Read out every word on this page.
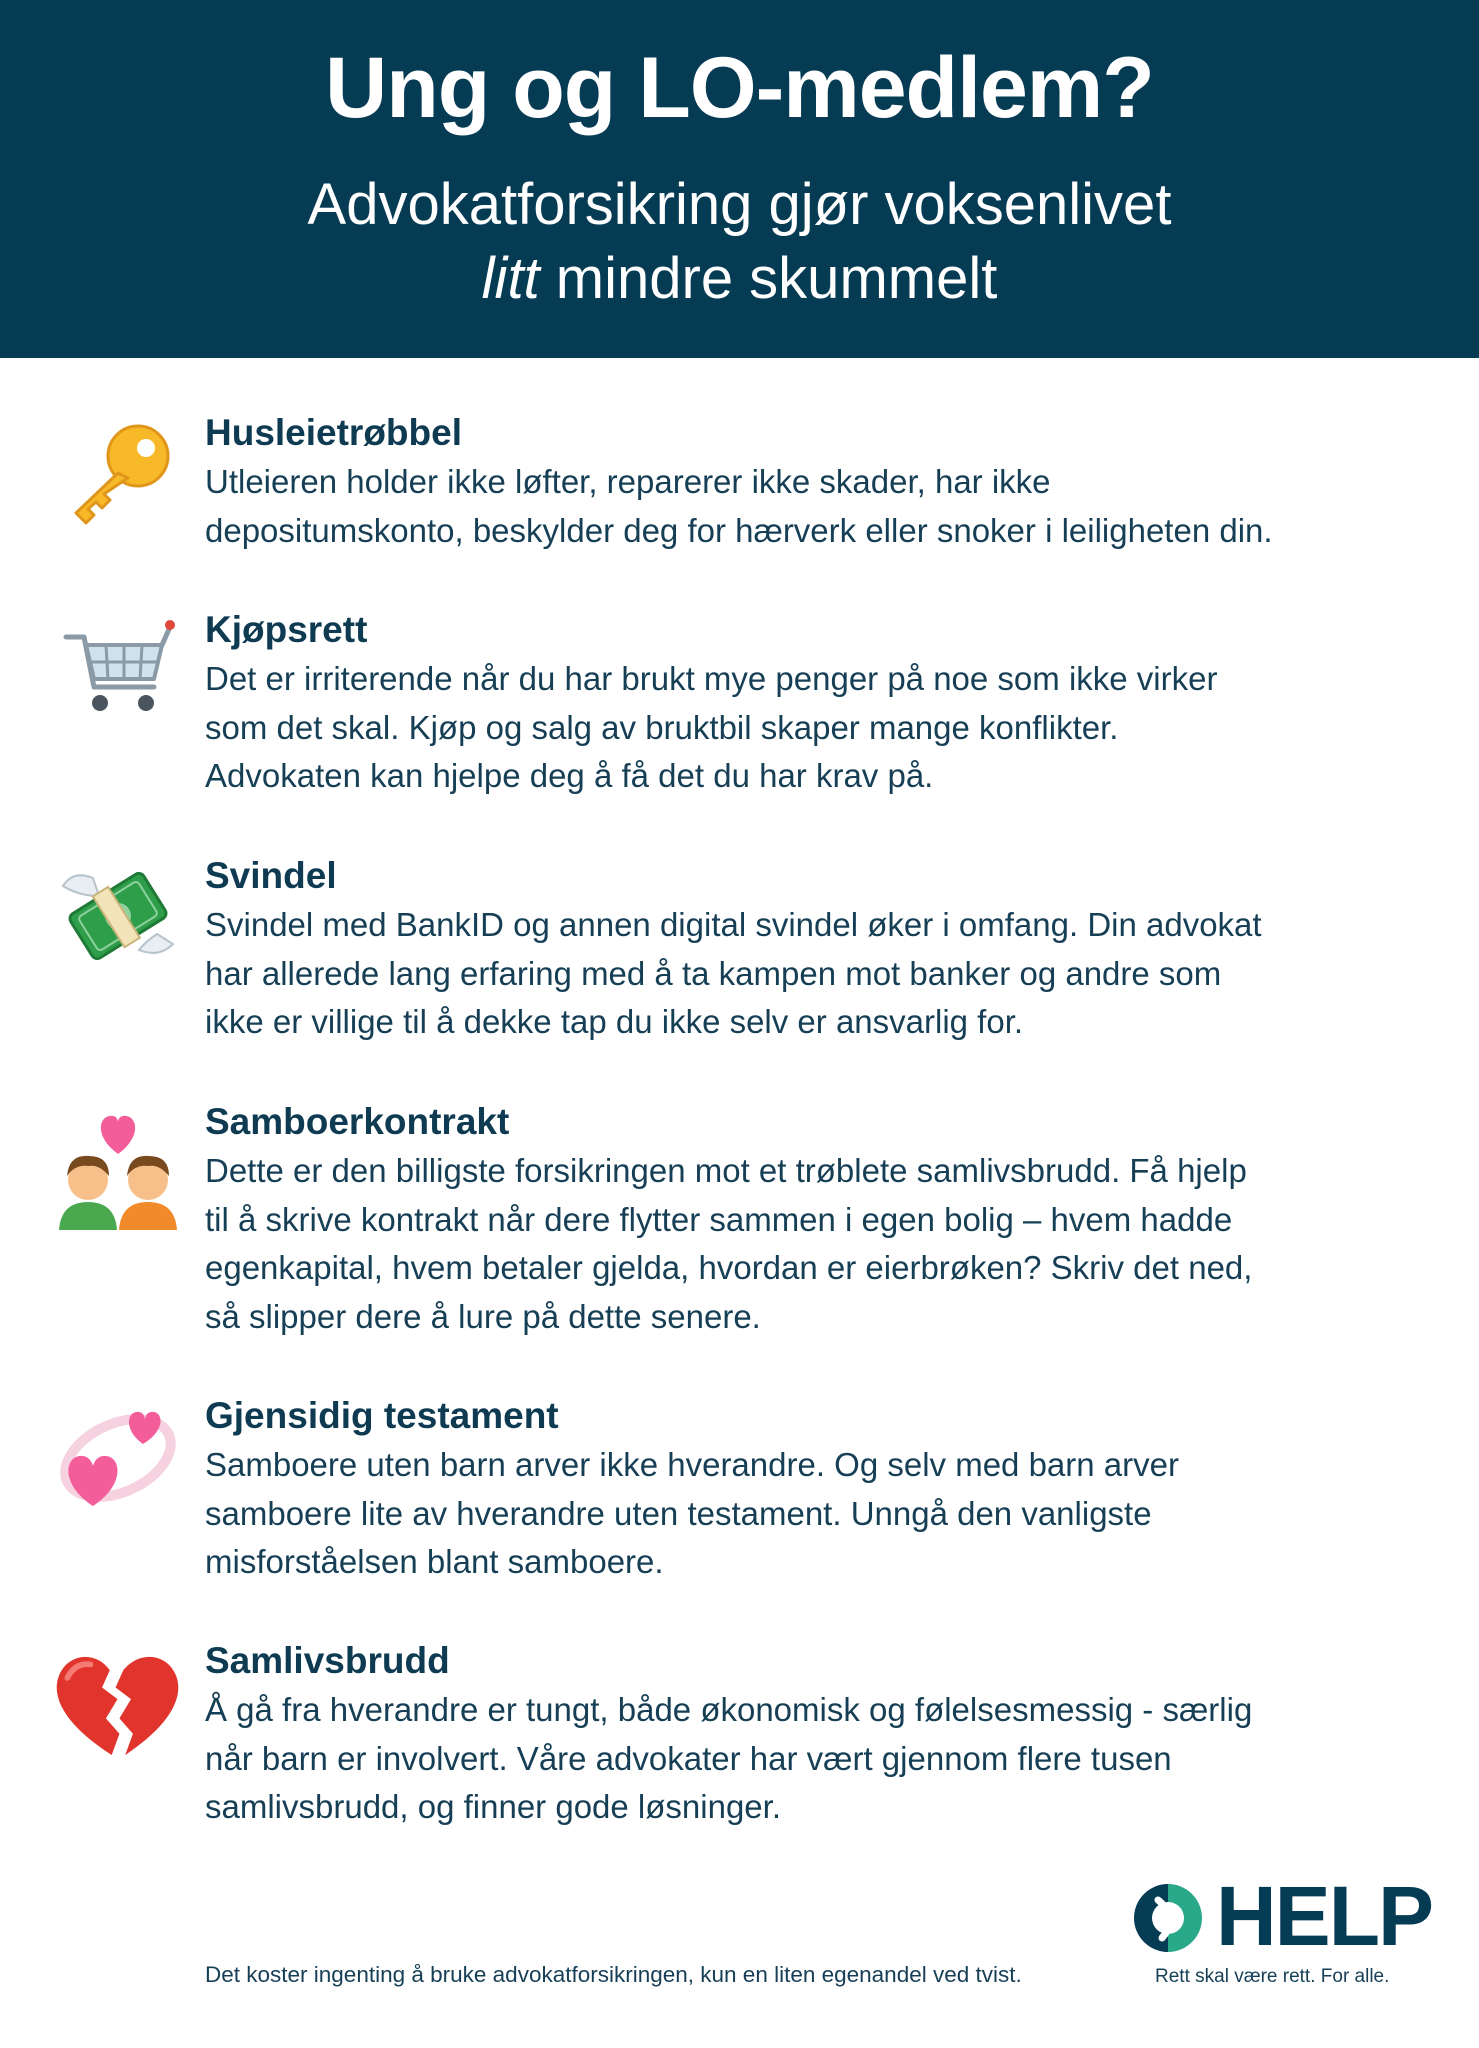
Ung og LO-medlem?
Advokatforsikring gjør voksenlivet
litt mindre skummelt
Husleietrøbbel

Utleieren holder ikke løfter, reparerer ikke skader, har ikke
depositumskonto, beskylder deg for hærverk eller snoker i leiligheten din.

Kjøpsrett

Det er irriterende når du har brukt mye penger på noe som ikke virker
som det skal. Kjøp og salg av bruktbil skaper mange konflikter.
Advokaten kan hjelpe deg å få det du har krav på.

Svindel

Svindel med BankID og annen digital svindel øker i omfang. Din advokat
har allerede lang erfaring med å ta kampen mot banker og andre som
ikke er villige til å dekke tap du ikke selv er ansvarlig for.

Samboerkontrakt

Dette er den billigste forsikringen mot et trøblete samlivsbrudd. Få hjelp
til å skrive kontrakt når dere flytter sammen i egen bolig – hvem hadde
egenkapital, hvem betaler gjelda, hvordan er eierbrøken? Skriv det ned,
så slipper dere å lure på dette senere.

Gjensidig testament

Samboere uten barn arver ikke hverandre. Og selv med barn arver
samboere lite av hverandre uten testament. Unngå den vanligste
misforståelsen blant samboere.

Samlivsbrudd

Å gå fra hverandre er tungt, både økonomisk og følelsesmessig - særlig
når barn er involvert. Våre advokater har vært gjennom flere tusen
samlivsbrudd, og finner gode løsninger.

Det koster ingenting å bruke advokatforsikringen, kun en liten egenandel ved tvist.
HELP
Rett skal være rett. For alle.
